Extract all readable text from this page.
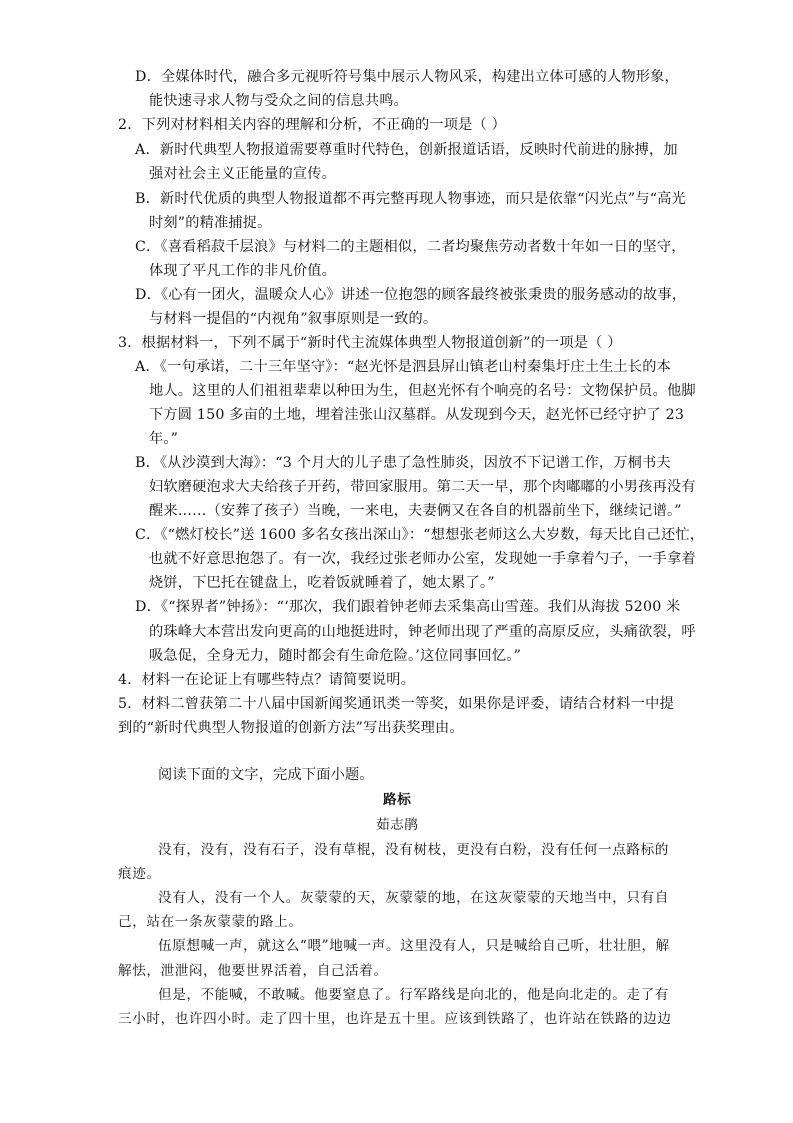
D．全媒体时代，融合多元视听符号集中展示人物风采，构建出立体可感的人物形象，
能快速寻求人物与受众之间的信息共鸣。
2．下列对材料相关内容的理解和分析，不正确的一项是（ ）
A．新时代典型人物报道需要尊重时代特色，创新报道话语，反映时代前进的脉搏，加
强对社会主义正能量的宣传。
B．新时代优质的典型人物报道都不再完整再现人物事迹，而只是依靠“闪光点”与“高光
时刻”的精准捕捉。
C．《喜看稻菽千层浪》与材料二的主题相似，二者均聚焦劳动者数十年如一日的坚守，
体现了平凡工作的非凡价值。
D．《心有一团火，温暖众人心》讲述一位抱怨的顾客最终被张秉贵的服务感动的故事，
与材料一提倡的“内视角”叙事原则是一致的。
3．根据材料一，下列不属于“新时代主流媒体典型人物报道创新”的一项是（ ）
A．《一句承诺，二十三年坚守》：“赵光怀是泗县屏山镇老山村秦集圩庄土生土长的本
地人。这里的人们祖祖辈辈以种田为生，但赵光怀有个响亮的名号：文物保护员。他脚
下方圆 150 多亩的土地，埋着洼张山汉墓群。从发现到今天，赵光怀已经守护了 23
年。”
B．《从沙漠到大海》：“3 个月大的儿子患了急性肺炎，因放不下记谱工作，万桐书夫
妇软磨硬泡求大夫给孩子开药，带回家服用。第二天一早，那个肉嘟嘟的小男孩再没有
醒来……（安葬了孩子）当晚，一来电，夫妻俩又在各自的机器前坐下，继续记谱。”
C．《“燃灯校长”送 1600 多名女孩出深山》：“想想张老师这么大岁数，每天比自己还忙，
也就不好意思抱怨了。有一次，我经过张老师办公室，发现她一手拿着勺子，一手拿着
烧饼，下巴托在键盘上，吃着饭就睡着了，她太累了。”
D．《“探界者”钟扬》：“‘那次，我们跟着钟老师去采集高山雪莲。我们从海拔 5200 米
的珠峰大本营出发向更高的山地挺进时，钟老师出现了严重的高原反应，头痛欲裂，呼
吸急促，全身无力，随时都会有生命危险。’这位同事回忆。”
4．材料一在论证上有哪些特点？请简要说明。
5．材料二曾获第二十八届中国新闻奖通讯类一等奖，如果你是评委，请结合材料一中提
到的“新时代典型人物报道的创新方法”写出获奖理由。
阅读下面的文字，完成下面小题。
路标
茹志鹃
没有，没有，没有石子，没有草棍，没有树枝，更没有白粉，没有任何一点路标的
痕迹。
没有人，没有一个人。灰蒙蒙的天，灰蒙蒙的地，在这灰蒙蒙的天地当中，只有自
己，站在一条灰蒙蒙的路上。
伍原想喊一声，就这么“喂”地喊一声。这里没有人，只是喊给自己听，壮壮胆，解
解怯，泄泄闷，他要世界活着，自己活着。
但是，不能喊，不敢喊。他要窒息了。行军路线是向北的，他是向北走的。走了有
三小时，也许四小时。走了四十里，也许是五十里。应该到铁路了，也许站在铁路的边边
